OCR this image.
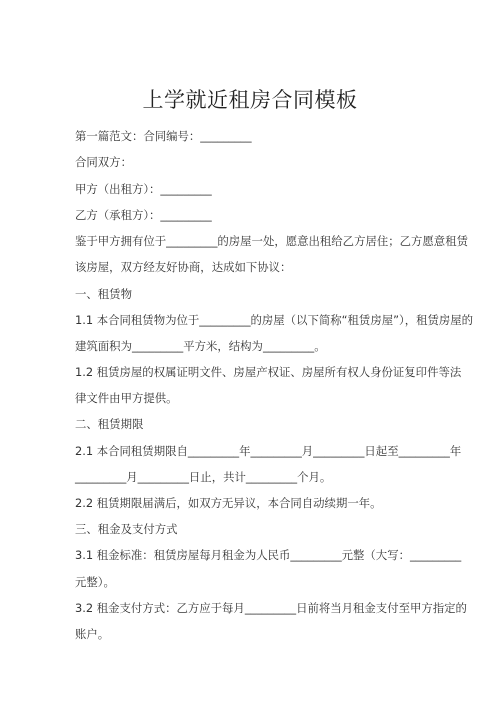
上学就近租房合同模板
第一篇范文：合同编号：_________
合同双方：
甲方（出租方）：_________
乙方（承租方）：_________
鉴于甲方拥有位于_________的房屋一处，愿意出租给乙方居住；乙方愿意租赁
该房屋，双方经友好协商，达成如下协议：
一、租赁物
1.1 本合同租赁物为位于_________的房屋（以下简称“租赁房屋”），租赁房屋的
建筑面积为_________平方米，结构为_________。
1.2 租赁房屋的权属证明文件、房屋产权证、房屋所有权人身份证复印件等法
律文件由甲方提供。
二、租赁期限
2.1 本合同租赁期限自_________年_________月_________日起至_________年
_________月_________日止，共计_________个月。
2.2 租赁期限届满后，如双方无异议，本合同自动续期一年。
三、租金及支付方式
3.1 租金标准：租赁房屋每月租金为人民币_________元整（大写：_________
元整）。
3.2 租金支付方式：乙方应于每月_________日前将当月租金支付至甲方指定的
账户。
